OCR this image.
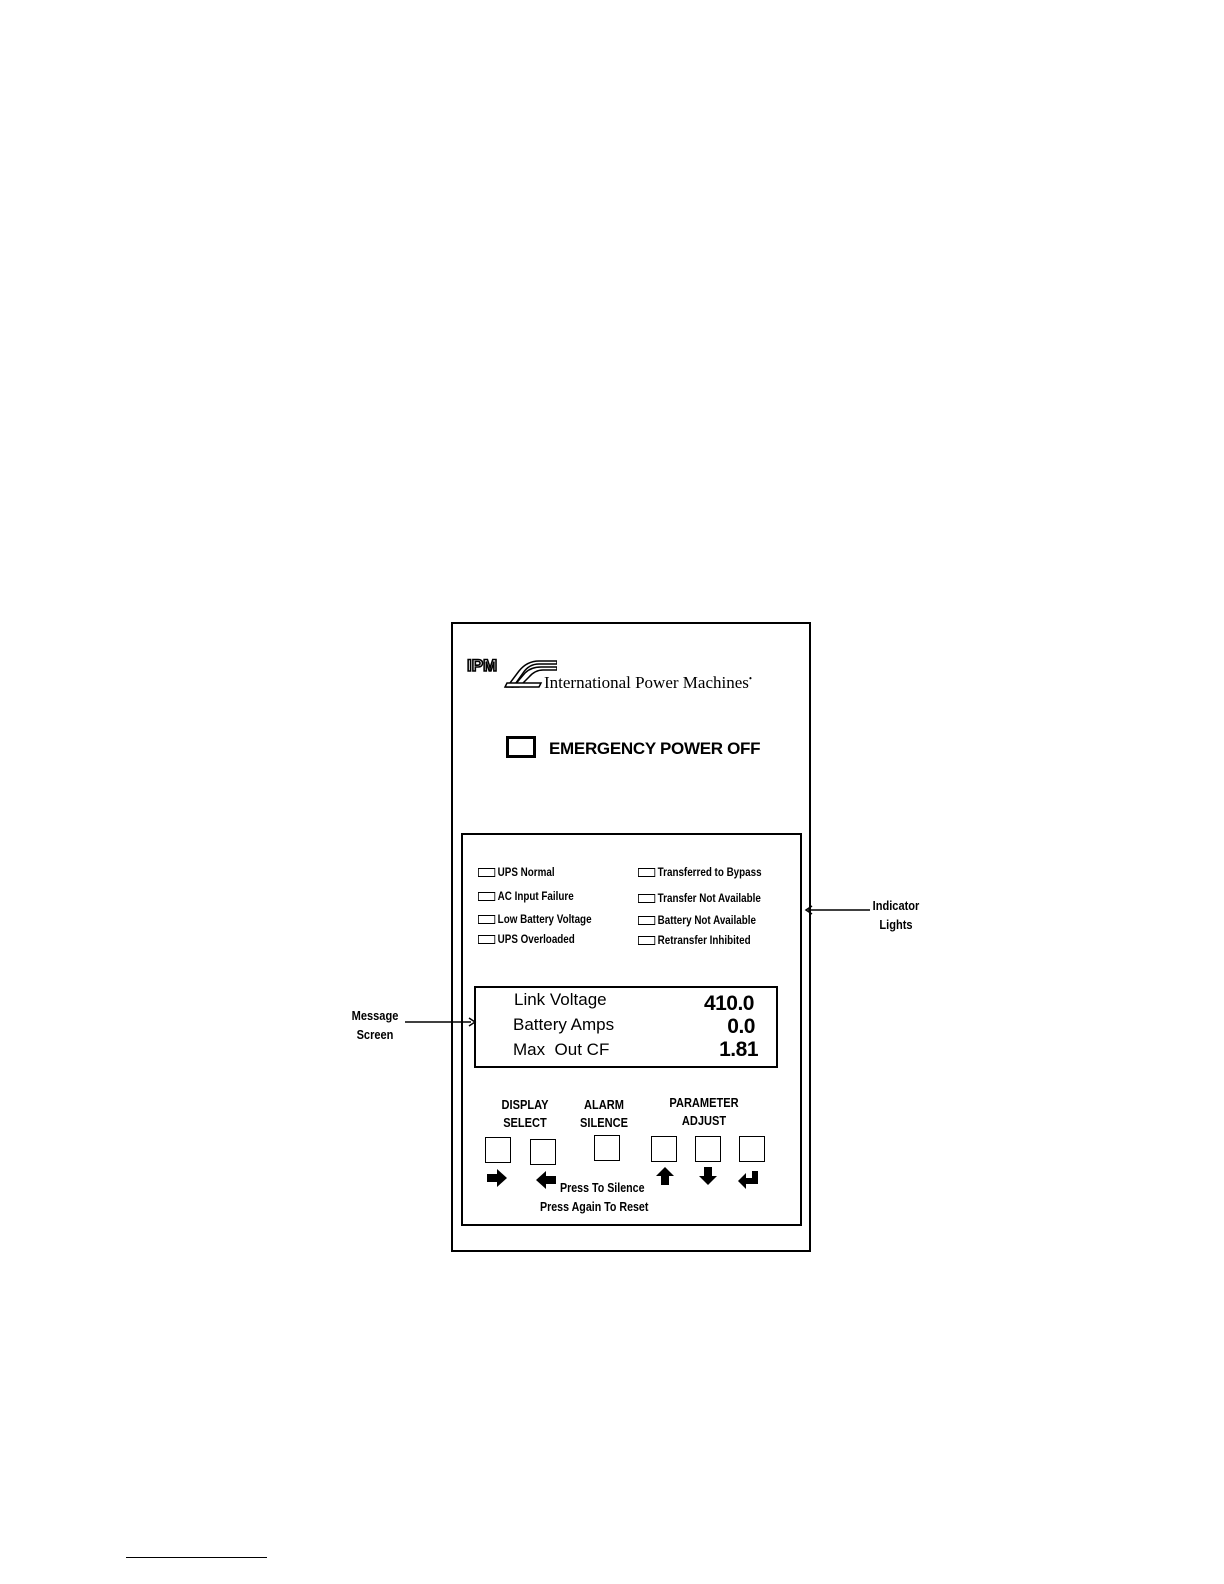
IPM
International Power Machines•
EMERGENCY POWER OFF
UPS Normal
AC Input Failure
Low Battery Voltage
UPS Overloaded
Transferred to Bypass
Transfer Not Available
Battery Not Available
Retransfer Inhibited
Link Voltage	410.0
Battery Amps	0.0
Max  Out CF	1.81
DISPLAY
SELECT
ALARM
SILENCE
PARAMETER
ADJUST
Press To Silence
Press Again To Reset
Message
Screen
Indicator
Lights
